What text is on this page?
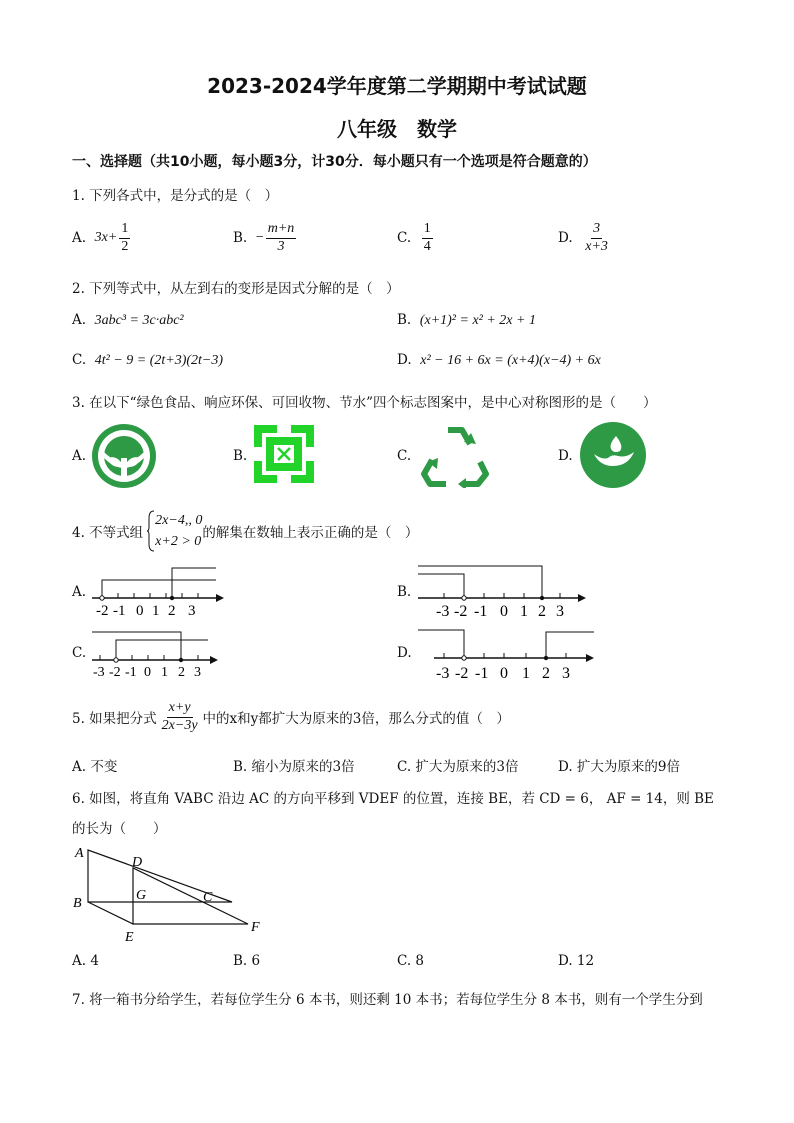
2023-2024学年度第二学期期中考试试题
八年级　数学
一、选择题（共10小题，每小题3分，计30分．每小题只有一个选项是符合题意的）
1. 下列各式中，是分式的是（　）
A.
$3x+ \frac{1}{2}$	B.
− $\frac{m+n}{3}$	C.
$\frac{1}{4}$	D.
$\frac{3}{x+3}$
2. 下列等式中，从左到右的变形是因式分解的是（　）
A. 3abc³ = 3c·abc²	B. (x+1)² = x² + 2x + 1
C. 4t² − 9 = (2t+3)(2t−3)	D. x² − 16 + 6x = (x+4)(x−4) + 6x
3. 在以下“绿色食品、响应环保、可回收物、节水”四个标志图案中，是中心对称图形的是（　　）
A.	B.	C.	D.
4. 不等式组
2x−4,, 0
x+2 > 0
的解集在数轴上表示正确的是（　）
A.
-2 -1 0 1 2 3
B.
-3 -2 -1 0 1 2 3
C.
-3 -2 -1 0 1 2 3
D.
-3 -2 -1 0 1 2 3
5. 如果把分式 $\frac{x+y}{2x-3y}$ 中的x和y都扩大为原来的3倍，那么分式的值（　）
A. 不变	B. 缩小为原来的3倍	C. 扩大为原来的3倍	D. 扩大为原来的9倍
6. 如图，将直角 VABC 沿边 AC 的方向平移到 VDEF 的位置，连接 BE，若 CD = 6， AF = 14，则 BE
的长为（　　）
A
B	C
D
E
F
G
A. 4	B. 6	C. 8	D. 12
7. 将一箱书分给学生，若每位学生分 6 本书，则还剩 10 本书；若每位学生分 8 本书，则有一个学生分到
